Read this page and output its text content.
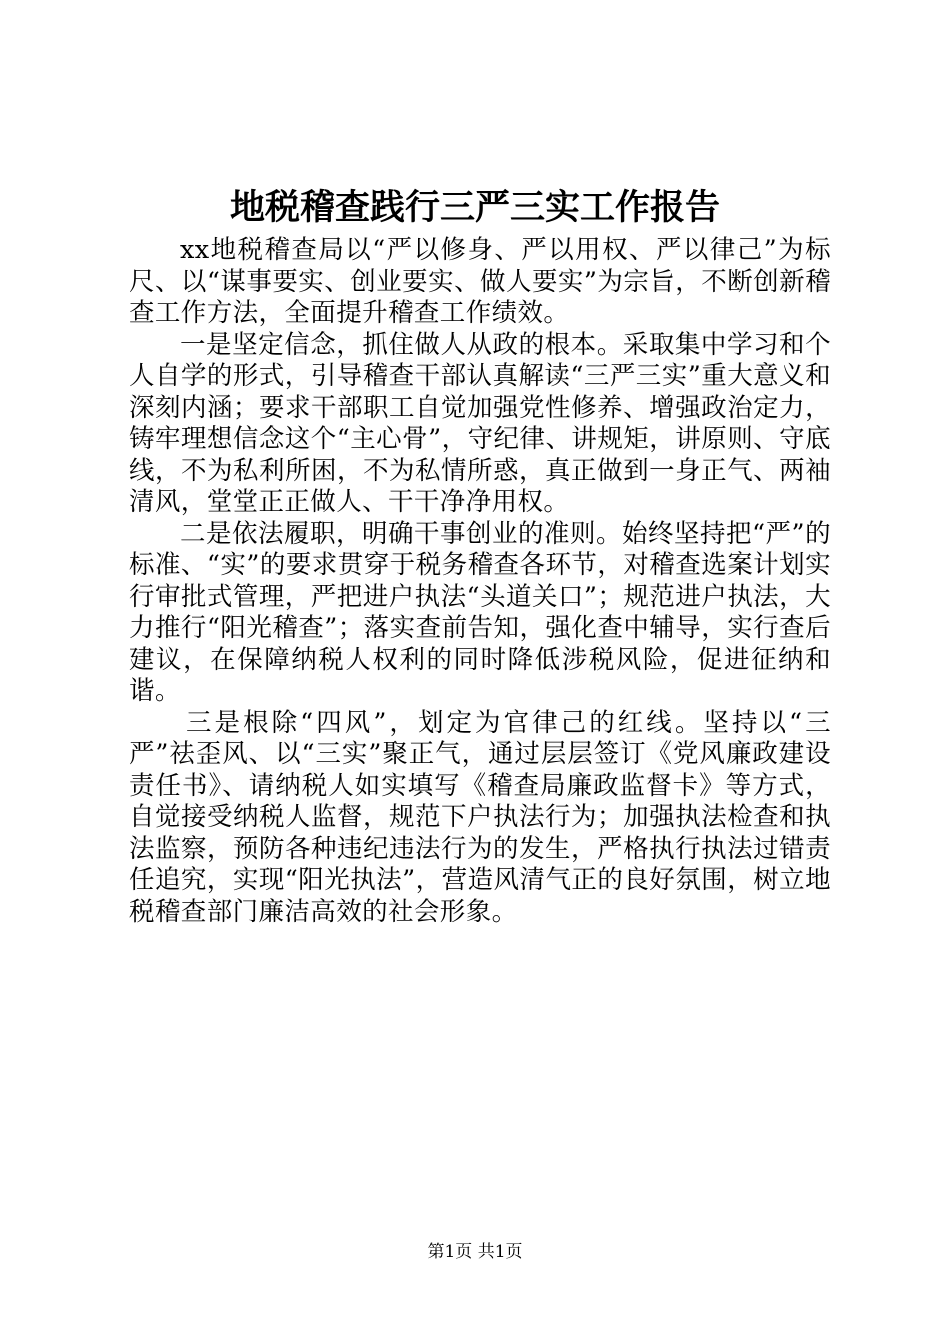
地税稽查践行三严三实工作报告

xx地税稽查局以“严以修身、严以用权、严以律己”为标尺、以“谋事要实、创业要实、做人要实”为宗旨，不断创新稽查工作方法，全面提升稽查工作绩效。

一是坚定信念，抓住做人从政的根本。采取集中学习和个人自学的形式，引导稽查干部认真解读“三严三实”重大意义和深刻内涵；要求干部职工自觉加强党性修养、增强政治定力，铸牢理想信念这个“主心骨”，守纪律、讲规矩，讲原则、守底线，不为私利所困，不为私情所惑，真正做到一身正气、两袖清风，堂堂正正做人、干干净净用权。

二是依法履职，明确干事创业的准则。始终坚持把“严”的标准、“实”的要求贯穿于税务稽查各环节，对稽查选案计划实行审批式管理，严把进户执法“头道关口”；规范进户执法，大力推行“阳光稽查”；落实查前告知，强化查中辅导，实行查后建议，在保障纳税人权利的同时降低涉税风险，促进征纳和谐。

三是根除“四风”，划定为官律己的红线。坚持以“三严”祛歪风、以“三实”聚正气，通过层层签订《党风廉政建设责任书》、请纳税人如实填写《稽查局廉政监督卡》等方式，自觉接受纳税人监督，规范下户执法行为；加强执法检查和执法监察，预防各种违纪违法行为的发生，严格执行执法过错责任追究，实现“阳光执法”，营造风清气正的良好氛围，树立地税稽查部门廉洁高效的社会形象。

第1页 共1页
